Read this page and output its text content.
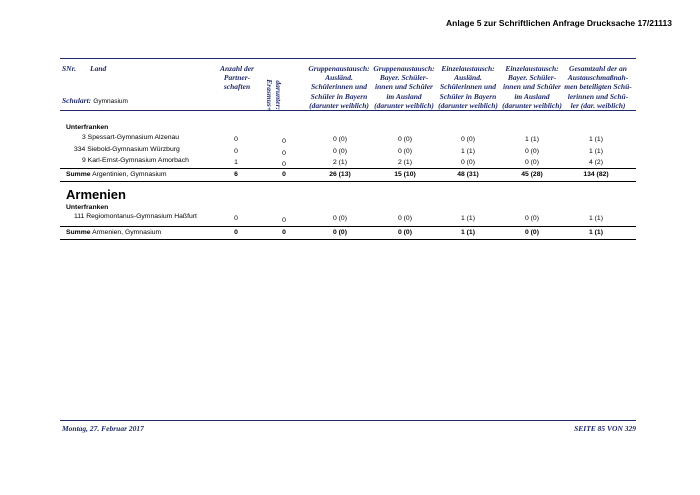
Anlage 5 zur Schriftlichen Anfrage Drucksache 17/21113
SNr. Land
Schulart: Gymnasium
Anzahl der Partner- schaften	darunter: Erasmus+
Gruppenaustausch: Ausländ. Schülerinnen und Schüler in Bayern (darunter weiblich)
Gruppenaustausch: Bayer. Schüler- innen und Schüler im Ausland (darunter weiblich)
Einzelaustausch: Ausländ. Schülerinnen und Schüler in Bayern (darunter weiblich)
Einzelaustausch: Bayer. Schüler- innen und Schüler im Ausland (darunter weiblich)
Gesamtzahl der an Austauschmaßnah- men beteiligten Schü- lerinnen und Schü- ler (dar. weiblich)
Unterfranken
3 Spessart-Gymnasium Alzenau	0	0	0 (0)	0 (0)	0 (0)	1 (1)	1 (1)
334 Siebold-Gymnasium Würzburg	0	0	0 (0)	0 (0)	1 (1)	0 (0)	1 (1)
9 Karl-Ernst-Gymnasium Amorbach	1	0	2 (1)	2 (1)	0 (0)	0 (0)	4 (2)
Summe Argentinien, Gymnasium	6	0	26 (13)	15 (10)	48 (31)	45 (28)	134 (82)
Armenien
Unterfranken
111 Regiomontanus-Gymnasium Haßfurt	0	0	0 (0)	0 (0)	1 (1)	0 (0)	1 (1)
Summe Armenien, Gymnasium	0	0	0 (0)	0 (0)	1 (1)	0 (0)	1 (1)
Montag, 27. Februar 2017	SEITE 85 VON 329
